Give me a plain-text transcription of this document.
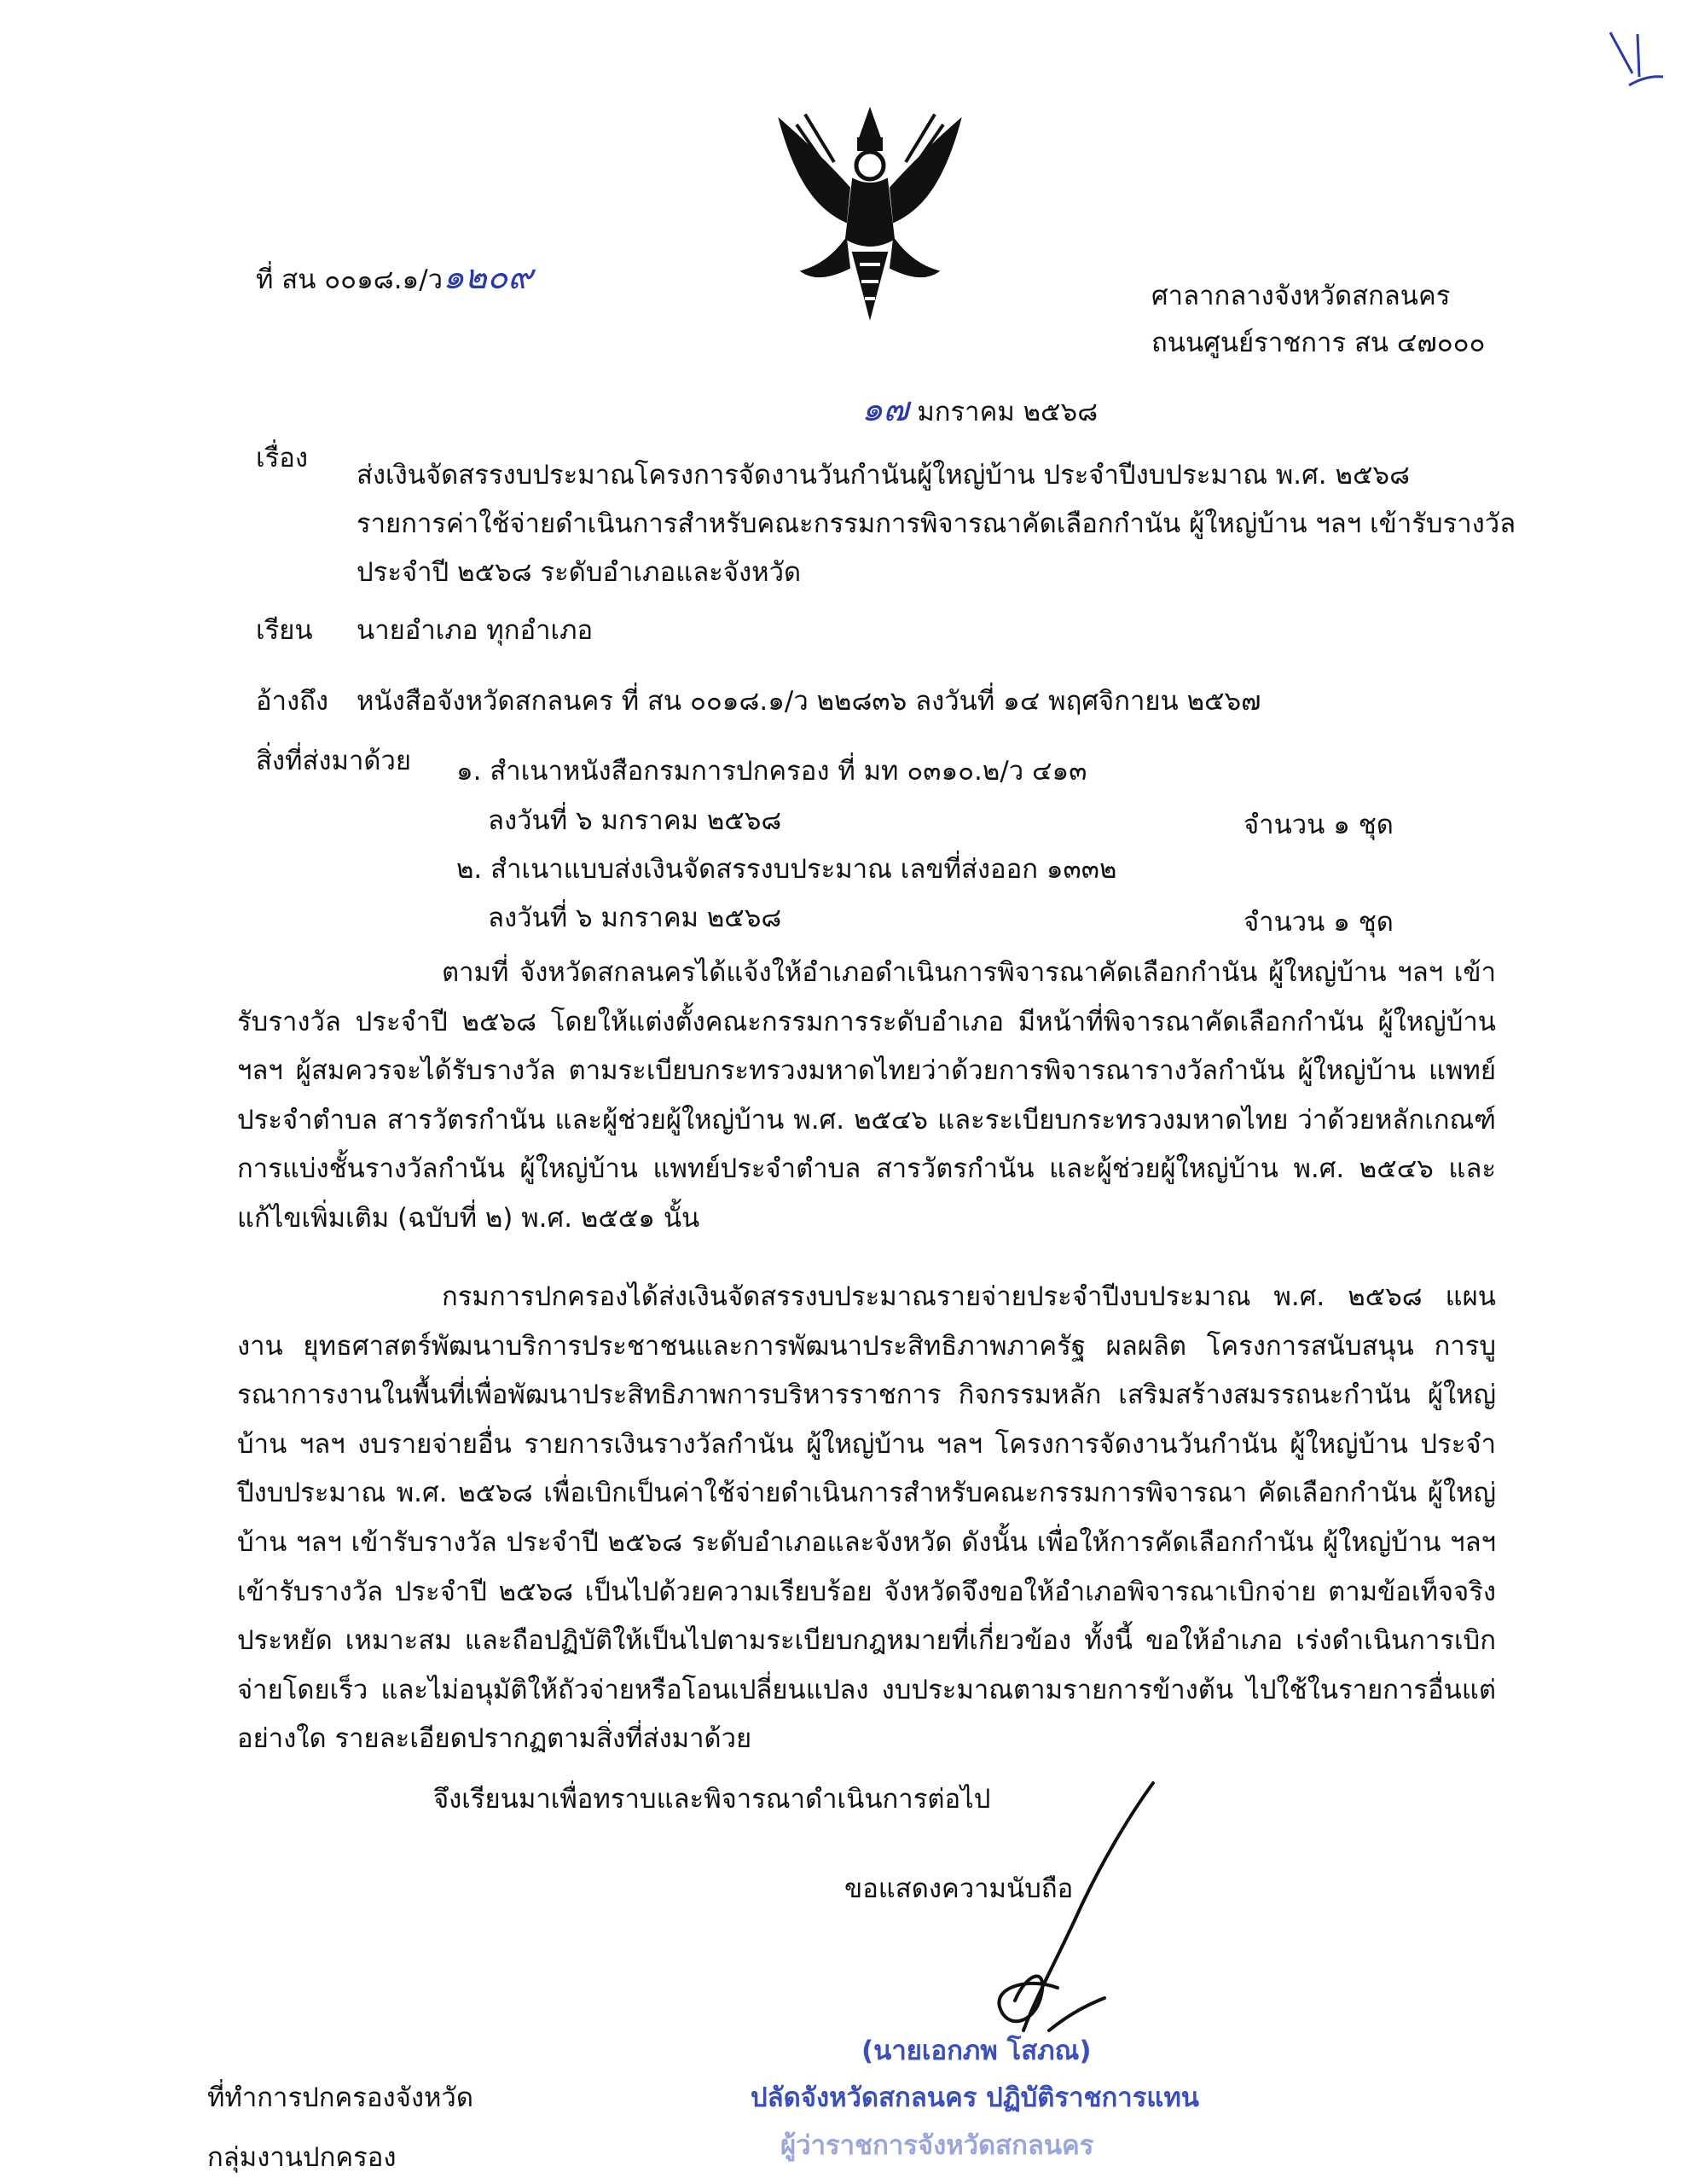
ที่ สน ๐๐๑๘.๑/ว๑๒๐๙	ศาลากลางจังหวัดสกลนคร
ถนนศูนย์ราชการ สน ๔๗๐๐๐
๑๗ มกราคม ๒๕๖๘
เรื่อง
ส่งเงินจัดสรรงบประมาณโครงการจัดงานวันกำนันผู้ใหญ่บ้าน ประจำปีงบประมาณ พ.ศ. ๒๕๖๘
รายการค่าใช้จ่ายดำเนินการสำหรับคณะกรรมการพิจารณาคัดเลือกกำนัน ผู้ใหญ่บ้าน ฯลฯ เข้ารับรางวัล
ประจำปี ๒๕๖๘ ระดับอำเภอและจังหวัด
เรียน นายอำเภอ ทุกอำเภอ
อ้างถึง หนังสือจังหวัดสกลนคร ที่ สน ๐๐๑๘.๑/ว ๒๒๘๓๖ ลงวันที่ ๑๔ พฤศจิกายน ๒๕๖๗
สิ่งที่ส่งมาด้วย ๑. สำเนาหนังสือกรมการปกครอง ที่ มท ๐๓๑๐.๒/ว ๔๑๓
ลงวันที่ ๖ มกราคม ๒๕๖๘	จำนวน ๑ ชุด
๒. สำเนาแบบส่งเงินจัดสรรงบประมาณ เลขที่ส่งออก ๑๓๓๒
ลงวันที่ ๖ มกราคม ๒๕๖๘	จำนวน ๑ ชุด
ตามที่ จังหวัดสกลนครได้แจ้งให้อำเภอดำเนินการพิจารณาคัดเลือกกำนัน ผู้ใหญ่บ้าน ฯลฯ เข้ารับรางวัล ประจำปี ๒๕๖๘ โดยให้แต่งตั้งคณะกรรมการระดับอำเภอ มีหน้าที่พิจารณาคัดเลือกกำนัน ผู้ใหญ่บ้าน ฯลฯ ผู้สมควรจะได้รับรางวัล ตามระเบียบกระทรวงมหาดไทยว่าด้วยการพิจารณารางวัลกำนัน ผู้ใหญ่บ้าน แพทย์ประจำตำบล สารวัตรกำนัน และผู้ช่วยผู้ใหญ่บ้าน พ.ศ. ๒๕๔๖ และระเบียบกระทรวงมหาดไทย ว่าด้วยหลักเกณฑ์การแบ่งชั้นรางวัลกำนัน ผู้ใหญ่บ้าน แพทย์ประจำตำบล สารวัตรกำนัน และผู้ช่วยผู้ใหญ่บ้าน พ.ศ. ๒๕๔๖ และแก้ไขเพิ่มเติม (ฉบับที่ ๒) พ.ศ. ๒๕๕๑ นั้น
กรมการปกครองได้ส่งเงินจัดสรรงบประมาณรายจ่ายประจำปีงบประมาณ พ.ศ. ๒๕๖๘ แผนงาน ยุทธศาสตร์พัฒนาบริการประชาชนและการพัฒนาประสิทธิภาพภาครัฐ ผลผลิต โครงการสนับสนุน การบูรณาการงานในพื้นที่เพื่อพัฒนาประสิทธิภาพการบริหารราชการ กิจกรรมหลัก เสริมสร้างสมรรถนะกำนัน ผู้ใหญ่บ้าน ฯลฯ งบรายจ่ายอื่น รายการเงินรางวัลกำนัน ผู้ใหญ่บ้าน ฯลฯ โครงการจัดงานวันกำนัน ผู้ใหญ่บ้าน ประจำปีงบประมาณ พ.ศ. ๒๕๖๘ เพื่อเบิกเป็นค่าใช้จ่ายดำเนินการสำหรับคณะกรรมการพิจารณา คัดเลือกกำนัน ผู้ใหญ่บ้าน ฯลฯ เข้ารับรางวัล ประจำปี ๒๕๖๘ ระดับอำเภอและจังหวัด ดังนั้น เพื่อให้การคัดเลือกกำนัน ผู้ใหญ่บ้าน ฯลฯ เข้ารับรางวัล ประจำปี ๒๕๖๘ เป็นไปด้วยความเรียบร้อย จังหวัดจึงขอให้อำเภอพิจารณาเบิกจ่าย ตามข้อเท็จจริง ประหยัด เหมาะสม และถือปฏิบัติให้เป็นไปตามระเบียบกฎหมายที่เกี่ยวข้อง ทั้งนี้ ขอให้อำเภอ เร่งดำเนินการเบิกจ่ายโดยเร็ว และไม่อนุมัติให้ถัวจ่ายหรือโอนเปลี่ยนแปลง งบประมาณตามรายการข้างต้น ไปใช้ในรายการอื่นแต่อย่างใด รายละเอียดปรากฏตามสิ่งที่ส่งมาด้วย
จึงเรียนมาเพื่อทราบและพิจารณาดำเนินการต่อไป
ขอแสดงความนับถือ
(นายเอกภพ โสภณ)
ปลัดจังหวัดสกลนคร ปฏิบัติราชการแทน
ผู้ว่าราชการจังหวัดสกลนคร
ที่ทำการปกครองจังหวัด
กลุ่มงานปกครอง
